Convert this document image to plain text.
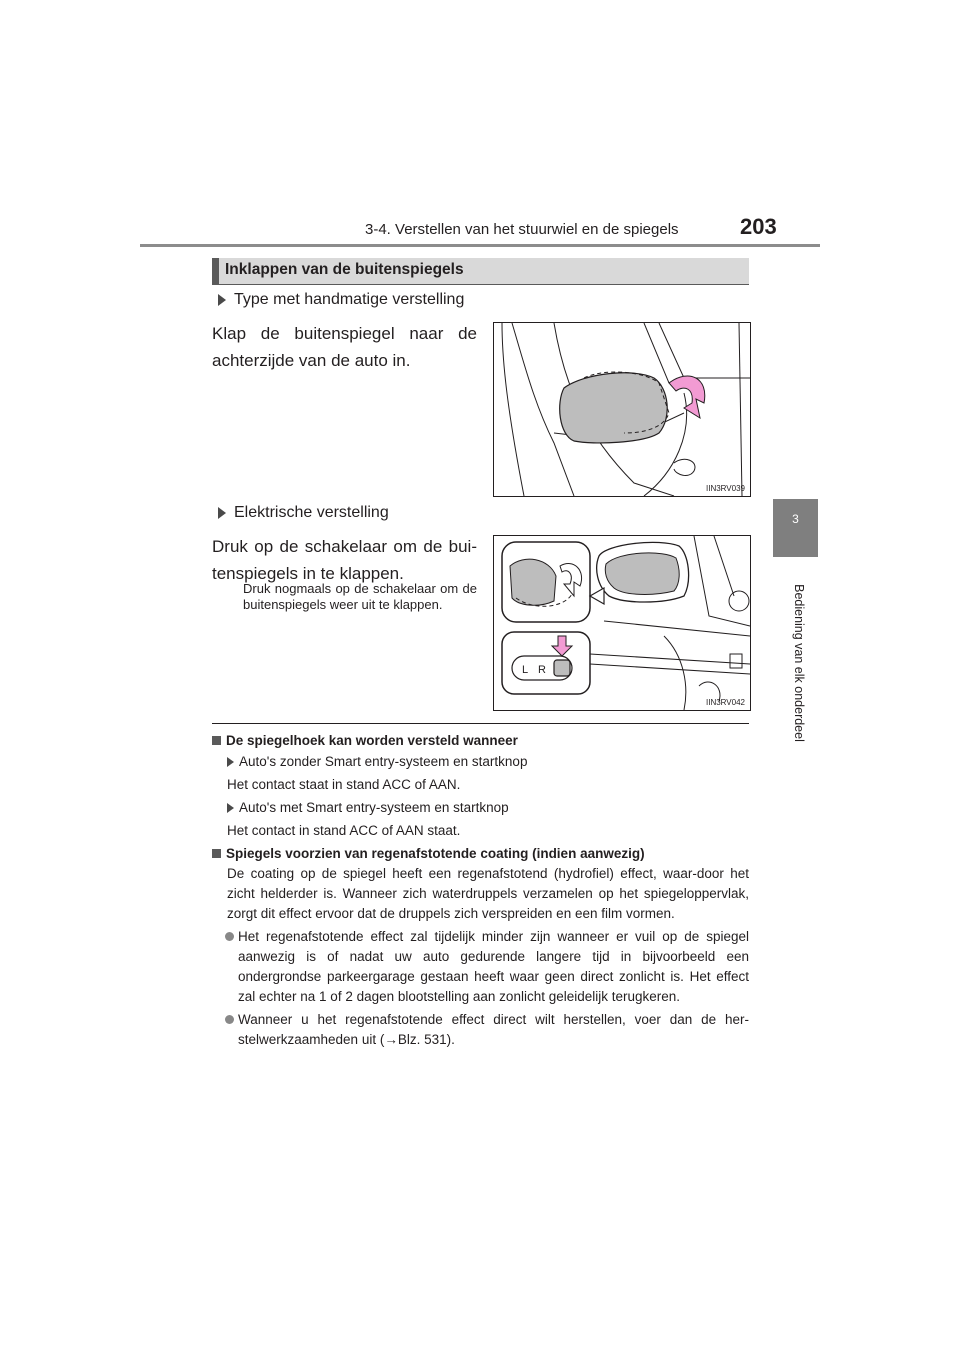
3-4. Verstellen van het stuurwiel en de spiegels	203
3
Bediening van elk onderdeel
Inklappen van de buitenspiegels
Type met handmatige verstelling
Klap de buitenspiegel naar de achterzijde van de auto in.
IIN3RV039
Elektrische verstelling
Druk op de schakelaar om de bui-tenspiegels in te klappen.
Druk nogmaals op de schakelaar om de buitenspiegels weer uit te klappen.
L R
IIN3RV042
De spiegelhoek kan worden versteld wanneer
Auto's zonder Smart entry-systeem en startknop
Het contact staat in stand ACC of AAN.
Auto's met Smart entry-systeem en startknop
Het contact in stand ACC of AAN staat.
Spiegels voorzien van regenafstotende coating (indien aanwezig)
De coating op de spiegel heeft een regenafstotend (hydrofiel) effect, waar-door het zicht helderder is. Wanneer zich waterdruppels verzamelen op het spiegeloppervlak, zorgt dit effect ervoor dat de druppels zich verspreiden en een film vormen.
Het regenafstotende effect zal tijdelijk minder zijn wanneer er vuil op de spiegel aanwezig is of nadat uw auto gedurende langere tijd in bijvoorbeeld een ondergrondse parkeergarage gestaan heeft waar geen direct zonlicht is. Het effect zal echter na 1 of 2 dagen blootstelling aan zonlicht geleidelijk terugkeren.
Wanneer u het regenafstotende effect direct wilt herstellen, voer dan de her-stelwerkzaamheden uit (→Blz. 531).
